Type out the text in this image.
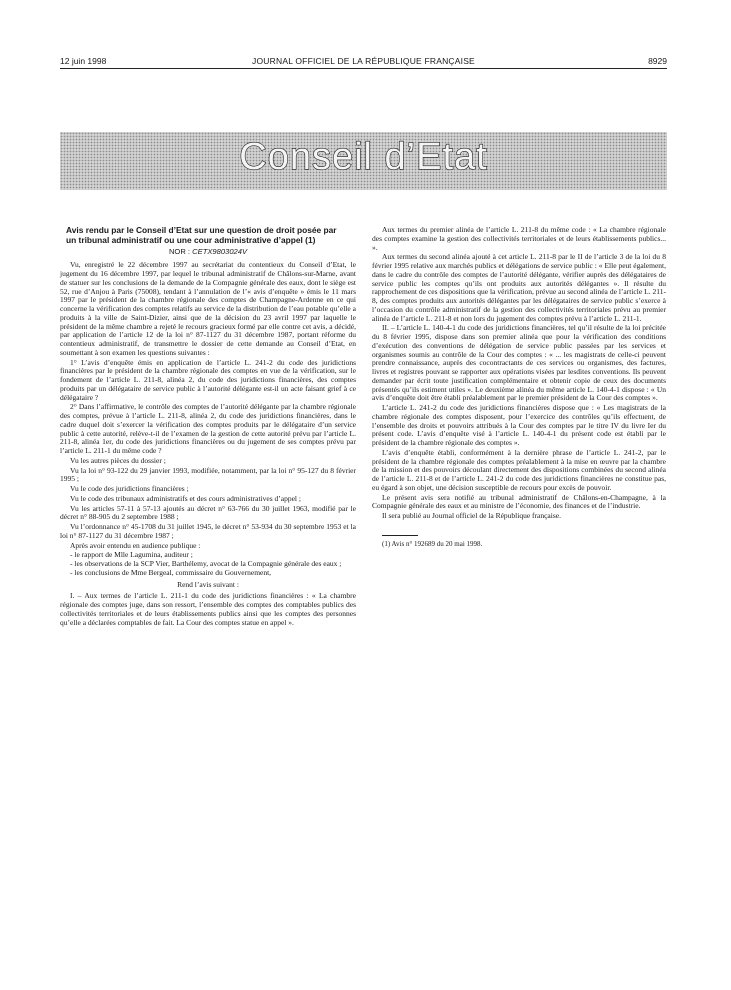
12 juin 1998	JOURNAL OFFICIEL DE LA RÉPUBLIQUE FRANÇAISE	8929
Conseil d’Etat
Avis rendu par le Conseil d’Etat sur une question de droit posée par un tribunal administratif ou une cour administrative d’appel (1)
NOR : CETX9803024V

Vu, enregistré le 22 décembre 1997 au secrétariat du contentieux du Conseil d’Etat, le jugement du 16 décembre 1997, par lequel le tribunal administratif de Châlons-sur-Marne, avant de statuer sur les conclusions de la demande de la Compagnie générale des eaux, dont le siège est 52, rue d’Anjou à Paris (75008), tendant à l’annulation de l’« avis d’enquête » émis le 11 mars 1997 par le président de la chambre régionale des comptes de Champagne-Ardenne en ce qui concerne la vérification des comptes relatifs au service de la distribution de l’eau potable qu’elle a produits à la ville de Saint-Dizier, ainsi que de la décision du 23 avril 1997 par laquelle le président de la même chambre a rejeté le recours gracieux formé par elle contre cet avis, a décidé, par application de l’article 12 de la loi n° 87-1127 du 31 décembre 1987, portant réforme du contentieux administratif, de transmettre le dossier de cette demande au Conseil d’Etat, en soumettant à son examen les questions suivantes :

1° L’avis d’enquête émis en application de l’article L. 241-2 du code des juridictions financières par le président de la chambre régionale des comptes en vue de la vérification, sur le fondement de l’article L. 211-8, alinéa 2, du code des juridictions financières, des comptes produits par un délégataire de service public à l’autorité délégante est-il un acte faisant grief à ce délégataire ?

2° Dans l’affirmative, le contrôle des comptes de l’autorité délégante par la chambre régionale des comptes, prévue à l’article L. 211-8, alinéa 2, du code des juridictions financières, dans le cadre duquel doit s’exercer la vérification des comptes produits par le délégataire d’un service public à cette autorité, relève-t-il de l’examen de la gestion de cette autorité prévu par l’article L. 211-8, alinéa 1er, du code des juridictions financières ou du jugement de ses comptes prévu par l’article L. 211-1 du même code ?

Vu les autres pièces du dossier ;

Vu la loi n° 93-122 du 29 janvier 1993, modifiée, notamment, par la loi n° 95-127 du 8 février 1995 ;

Vu le code des juridictions financières ;

Vu le code des tribunaux administratifs et des cours administratives d’appel ;

Vu les articles 57-11 à 57-13 ajoutés au décret n° 63-766 du 30 juillet 1963, modifié par le décret n° 88-905 du 2 septembre 1988 ;

Vu l’ordonnance n° 45-1708 du 31 juillet 1945, le décret n° 53-934 du 30 septembre 1953 et la loi n° 87-1127 du 31 décembre 1987 ;

Après avoir entendu en audience publique :

- le rapport de Mlle Lagumina, auditeur ;
- les observations de la SCP Vier, Barthélemy, avocat de la Compagnie générale des eaux ;
- les conclusions de Mme Bergeal, commissaire du Gouvernement,

Rend l’avis suivant :

I. – Aux termes de l’article L. 211-1 du code des juridictions financières : « La chambre régionale des comptes juge, dans son ressort, l’ensemble des comptes des comptables publics des collectivités territoriales et de leurs établissements publics ainsi que les comptes des personnes qu’elle a déclarées comptables de fait. La Cour des comptes statue en appel ».

Aux termes du premier alinéa de l’article L. 211-8 du même code : « La chambre régionale des comptes examine la gestion des collectivités territoriales et de leurs établissements publics... ».

Aux termes du second alinéa ajouté à cet article L. 211-8 par le II de l’article 3 de la loi du 8 février 1995 relative aux marchés publics et délégations de service public : « Elle peut également, dans le cadre du contrôle des comptes de l’autorité délégante, vérifier auprès des délégataires de service public les comptes qu’ils ont produits aux autorités délégantes ». Il résulte du rapprochement de ces dispositions que la vérification, prévue au second alinéa de l’article L. 211-8, des comptes produits aux autorités délégantes par les délégataires de service public s’exerce à l’occasion du contrôle administratif de la gestion des collectivités territoriales prévu au premier alinéa de l’article L. 211-8 et non lors du jugement des comptes prévu à l’article L. 211-1.

II. – L’article L. 140-4-1 du code des juridictions financières, tel qu’il résulte de la loi précitée du 8 février 1995, dispose dans son premier alinéa que pour la vérification des conditions d’exécution des conventions de délégation de service public passées par les services et organismes soumis au contrôle de la Cour des comptes : « ... les magistrats de celle-ci peuvent prendre connaissance, auprès des cocontractants de ces services ou organismes, des factures, livres et registres pouvant se rapporter aux opérations visées par lesdites conventions. Ils peuvent demander par écrit toute justification complémentaire et obtenir copie de ceux des documents présentés qu’ils estiment utiles ». Le deuxième alinéa du même article L. 140-4-1 dispose : « Un avis d’enquête doit être établi préalablement par le premier président de la Cour des comptes ».

L’article L. 241-2 du code des juridictions financières dispose que : « Les magistrats de la chambre régionale des comptes disposent, pour l’exercice des contrôles qu’ils effectuent, de l’ensemble des droits et pouvoirs attribués à la Cour des comptes par le titre IV du livre Ier du présent code. L’avis d’enquête visé à l’article L. 140-4-1 du présent code est établi par le président de la chambre régionale des comptes ».

L’avis d’enquête établi, conformément à la dernière phrase de l’article L. 241-2, par le président de la chambre régionale des comptes préalablement à la mise en œuvre par la chambre de la mission et des pouvoirs découlant directement des dispositions combinées du second alinéa de l’article L. 211-8 et de l’article L. 241-2 du code des juridictions financières ne constitue pas, eu égard à son objet, une décision susceptible de recours pour excès de pouvoir.

Le présent avis sera notifié au tribunal administratif de Châlons-en-Champagne, à la Compagnie générale des eaux et au ministre de l’économie, des finances et de l’industrie.

Il sera publié au Journal officiel de la République française.

(1) Avis n° 192689 du 20 mai 1998.
